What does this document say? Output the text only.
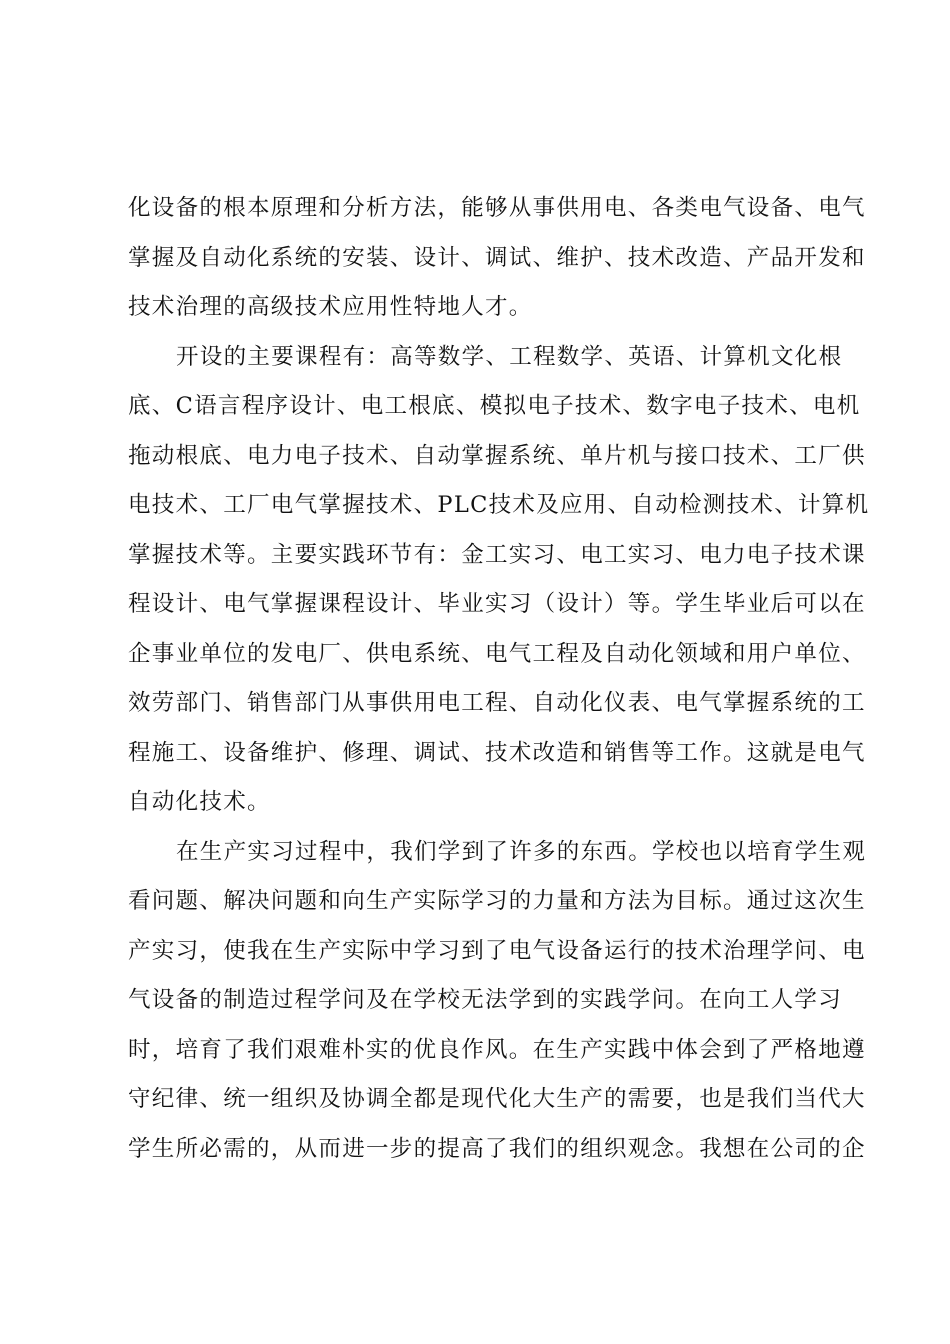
化设备的根本原理和分析方法，能够从事供用电、各类电气设备、电气
掌握及自动化系统的安装、设计、调试、维护、技术改造、产品开发和
技术治理的高级技术应用性特地人才。
开设的主要课程有：高等数学、工程数学、英语、计算机文化根
底、C语言程序设计、电工根底、模拟电子技术、数字电子技术、电机
拖动根底、电力电子技术、自动掌握系统、单片机与接口技术、工厂供
电技术、工厂电气掌握技术、PLC技术及应用、自动检测技术、计算机
掌握技术等。主要实践环节有：金工实习、电工实习、电力电子技术课
程设计、电气掌握课程设计、毕业实习（设计）等。学生毕业后可以在
企事业单位的发电厂、供电系统、电气工程及自动化领域和用户单位、
效劳部门、销售部门从事供用电工程、自动化仪表、电气掌握系统的工
程施工、设备维护、修理、调试、技术改造和销售等工作。这就是电气
自动化技术。
在生产实习过程中，我们学到了许多的东西。学校也以培育学生观
看问题、解决问题和向生产实际学习的力量和方法为目标。通过这次生
产实习，使我在生产实际中学习到了电气设备运行的技术治理学问、电
气设备的制造过程学问及在学校无法学到的实践学问。在向工人学习
时，培育了我们艰难朴实的优良作风。在生产实践中体会到了严格地遵
守纪律、统一组织及协调全都是现代化大生产的需要，也是我们当代大
学生所必需的，从而进一步的提高了我们的组织观念。我想在公司的企
